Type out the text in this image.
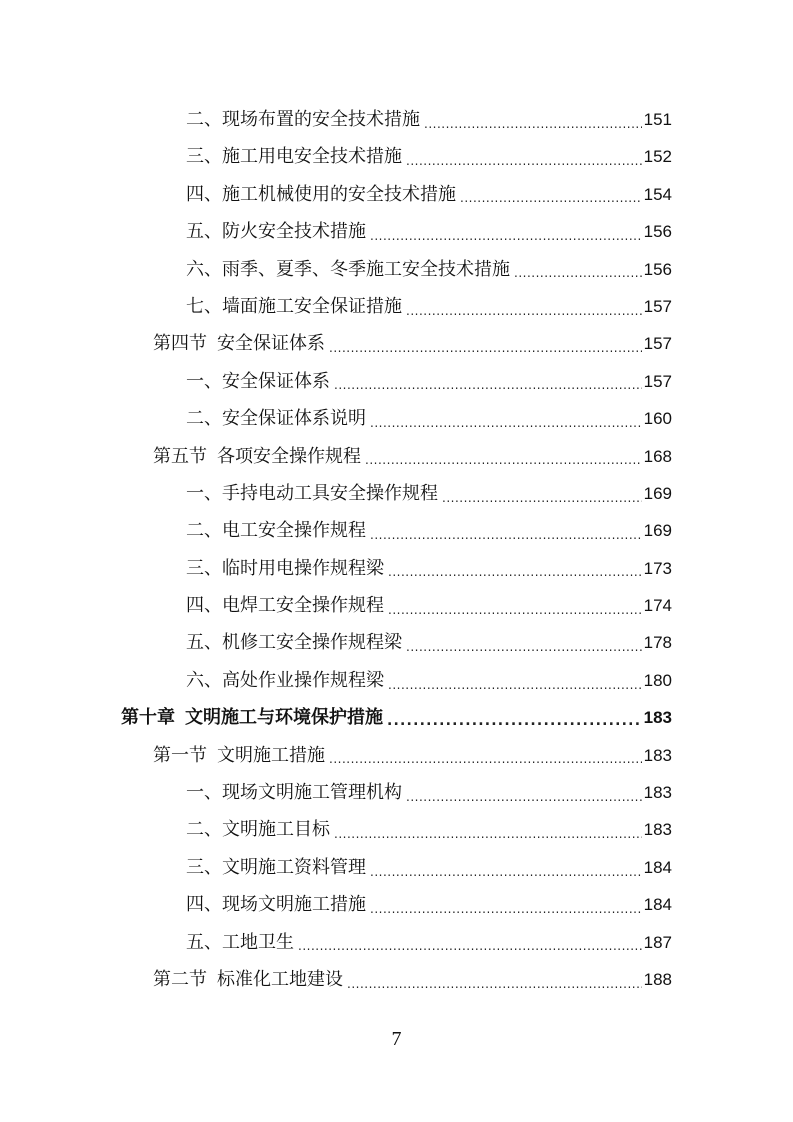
二、 现场布置的安全技术措施 .....	151
三、 施工用电安全技术措施 .....	152
四、 施工机械使用的安全技术措施 .....	154
五、 防火安全技术措施 .....	156
六、 雨季、夏季、冬季施工安全技术措施 .....	156
七、 墙面施工安全保证措施 .....	157
第四节 安全保证体系 .....	157
一、 安全保证体系 .....	157
二、 安全保证体系说明 .....	160
第五节 各项安全操作规程 .....	168
一、 手持电动工具安全操作规程 .....	169
二、 电工安全操作规程 .....	169
三、 临时用电操作规程梁 .....	173
四、 电焊工安全操作规程 .....	174
五、 机修工安全操作规程梁 .....	178
六、 高处作业操作规程梁 .....	180
第十章 文明施工与环境保护措施 .....	183
第一节 文明施工措施 .....	183
一、 现场文明施工管理机构 .....	183
二、 文明施工目标 .....	183
三、 文明施工资料管理 .....	184
四、 现场文明施工措施 .....	184
五、 工地卫生 .....	187
第二节 标准化工地建设 .....	188
7
